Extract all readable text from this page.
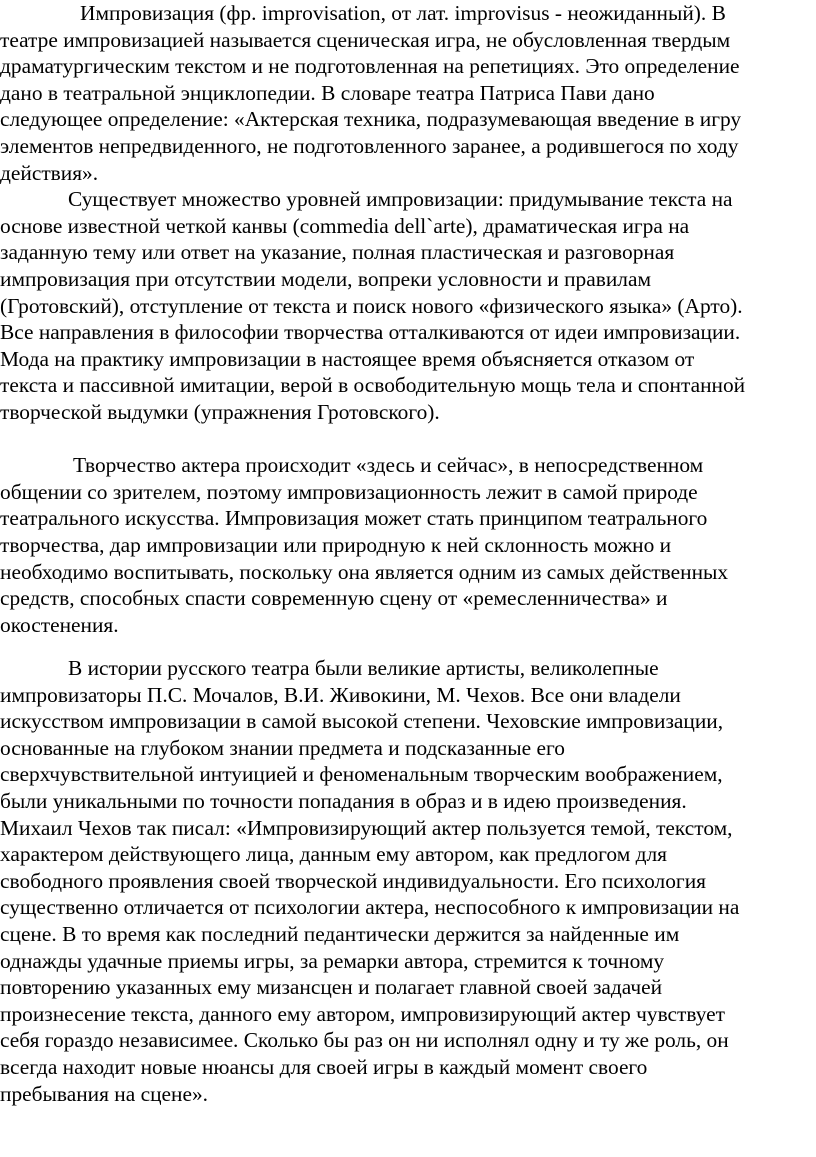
Импровизация (фр. improvisation, от лат. improvisus - неожиданный). В
театре импровизацией называется сценическая игра, не обусловленная твердым
драматургическим текстом и не подготовленная на репетициях. Это определение
дано в театральной энциклопедии. В словаре театра Патриса Пави дано
следующее определение: «Актерская техника, подразумевающая введение в игру
элементов непредвиденного, не подготовленного заранее, а родившегося по ходу
действия».
Существует множество уровней импровизации: придумывание текста на
основе известной четкой канвы (commedia dell`arte), драматическая игра на
заданную тему или ответ на указание, полная пластическая и разговорная
импровизация при отсутствии модели, вопреки условности и правилам
(Гротовский), отступление от текста и поиск нового «физического языка» (Арто).
Все направления в философии творчества отталкиваются от идеи импровизации.
Мода на практику импровизации в настоящее время объясняется отказом от
текста и пассивной имитации, верой в освободительную мощь тела и спонтанной
творческой выдумки (упражнения Гротовского).
Творчество актера происходит «здесь и сейчас», в непосредственном
общении со зрителем, поэтому импровизационность лежит в самой природе
театрального искусства. Импровизация может стать принципом театрального
творчества, дар импровизации или природную к ней склонность можно и
необходимо воспитывать, поскольку она является одним из самых действенных
средств, способных спасти современную сцену от «ремесленничества» и
окостенения.
В истории русского театра были великие артисты, великолепные
импровизаторы П.С. Мочалов, В.И. Живокини, М. Чехов. Все они владели
искусством импровизации в самой высокой степени. Чеховские импровизации,
основанные на глубоком знании предмета и подсказанные его
сверхчувствительной интуицией и феноменальным творческим воображением,
были уникальными по точности попадания в образ и в идею произведения.
Михаил Чехов так писал: «Импровизирующий актер пользуется темой, текстом,
характером действующего лица, данным ему автором, как предлогом для
свободного проявления своей творческой индивидуальности. Его психология
существенно отличается от психологии актера, неспособного к импровизации на
сцене. В то время как последний педантически держится за найденные им
однажды удачные приемы игры, за ремарки автора, стремится к точному
повторению указанных ему мизансцен и полагает главной своей задачей
произнесение текста, данного ему автором, импровизирующий актер чувствует
себя гораздо независимее. Сколько бы раз он ни исполнял одну и ту же роль, он
всегда находит новые нюансы для своей игры в каждый момент своего
пребывания на сцене».
